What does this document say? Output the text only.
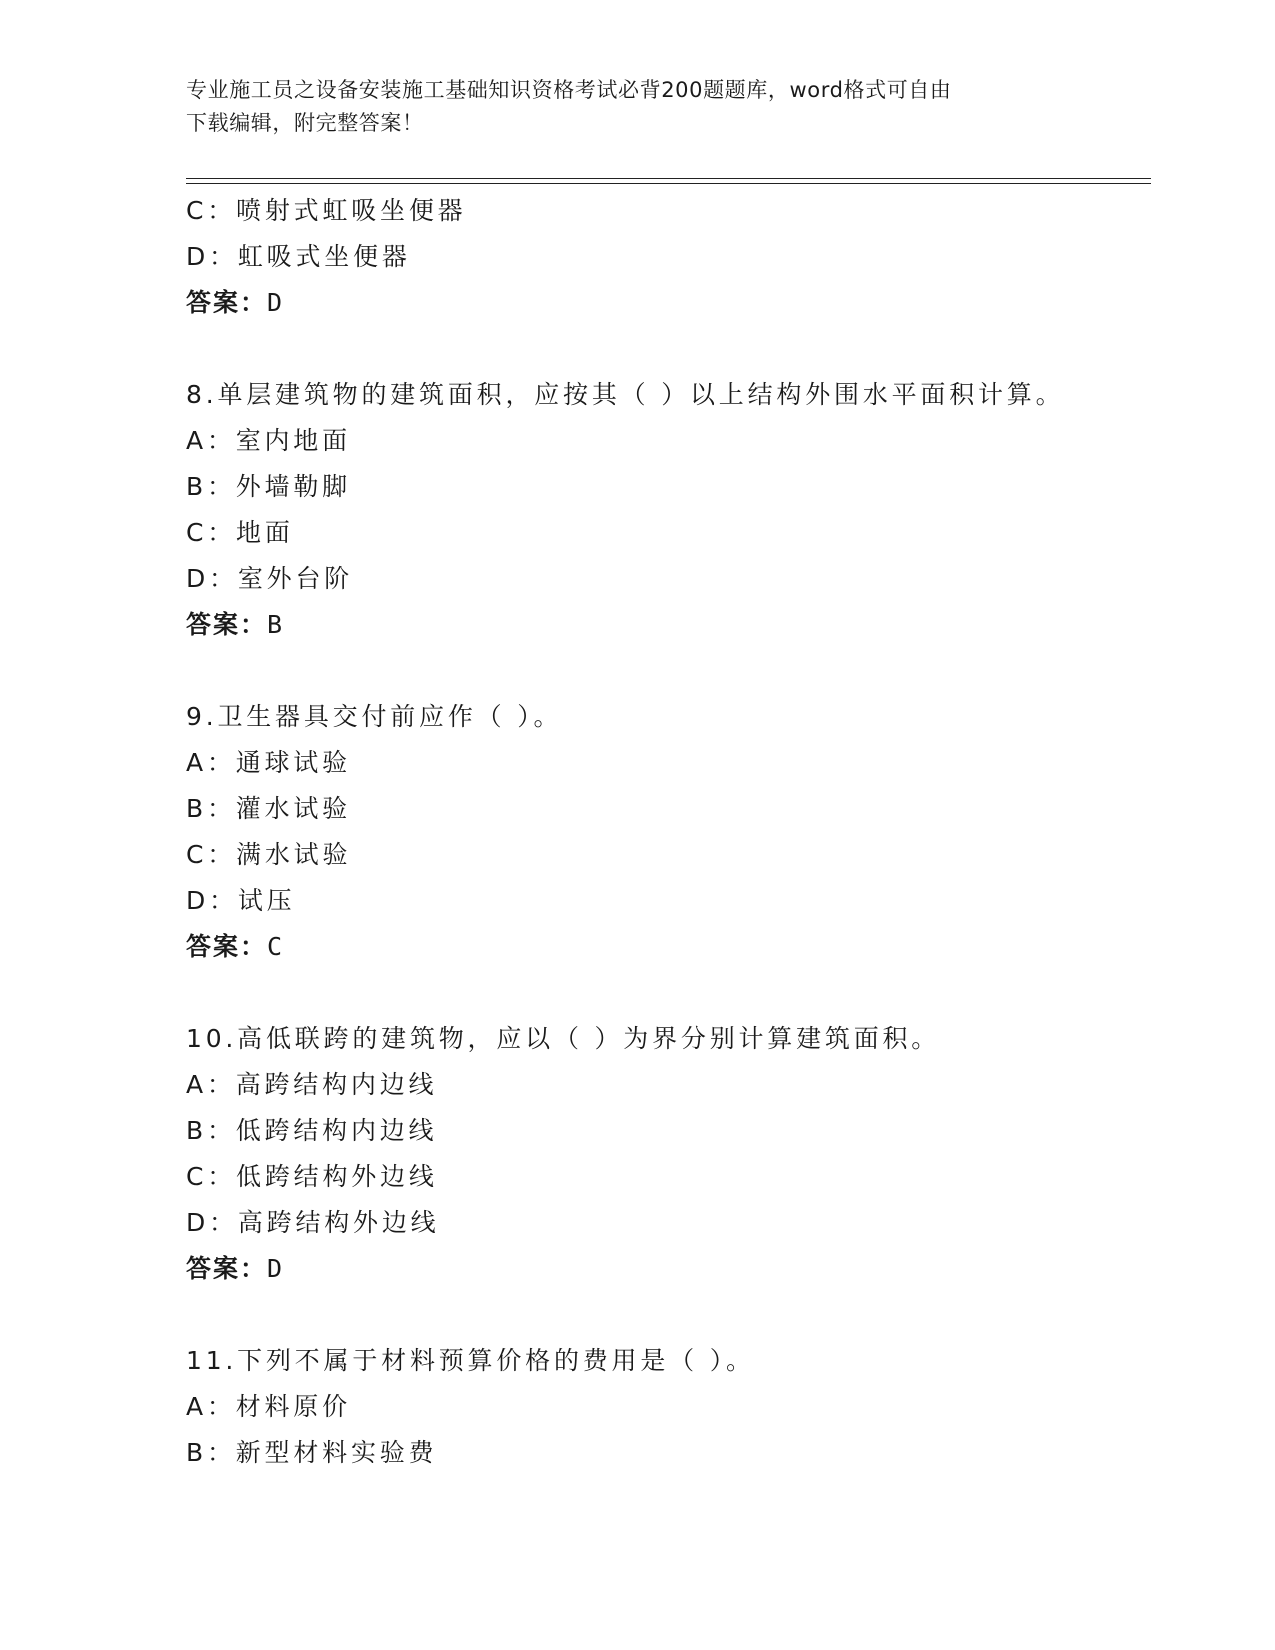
专业施工员之设备安装施工基础知识资格考试必背200题题库，word格式可自由
下载编辑，附完整答案！
C：喷射式虹吸坐便器
D：虹吸式坐便器
答案：D
8.单层建筑物的建筑面积，应按其（ ）以上结构外围水平面积计算。
A：室内地面
B：外墙勒脚
C：地面
D：室外台阶
答案：B
9.卫生器具交付前应作（ ）。
A：通球试验
B：灌水试验
C：满水试验
D：试压
答案：C
10.高低联跨的建筑物，应以（ ）为界分别计算建筑面积。
A：高跨结构内边线
B：低跨结构内边线
C：低跨结构外边线
D：高跨结构外边线
答案：D
11.下列不属于材料预算价格的费用是（ ）。
A：材料原价
B：新型材料实验费
